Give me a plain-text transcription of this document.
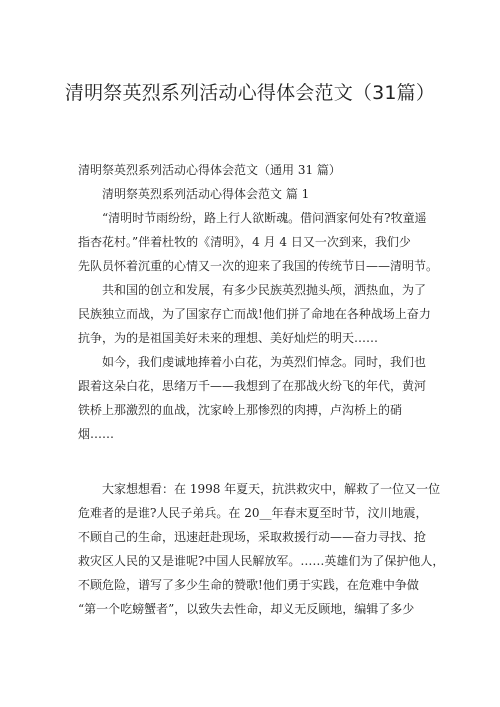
清明祭英烈系列活动心得体会范文（31篇）
清明祭英烈系列活动心得体会范文（通用 31 篇）
清明祭英烈系列活动心得体会范文 篇 1
“清明时节雨纷纷，路上行人欲断魂。借问酒家何处有?牧童遥
指杏花村。”伴着杜牧的《清明》，4 月 4 日又一次到来，我们少
先队员怀着沉重的心情又一次的迎来了我国的传统节日——清明节。
共和国的创立和发展，有多少民族英烈抛头颅，洒热血，为了
民族独立而战，为了国家存亡而战!他们拼了命地在各种战场上奋力
抗争，为的是祖国美好未来的理想、美好灿烂的明天……
如今，我们虔诚地捧着小白花，为英烈们悼念。同时，我们也
跟着这朵白花，思绪万千——我想到了在那战火纷飞的年代，黄河
铁桥上那激烈的血战，沈家岭上那惨烈的肉搏，卢沟桥上的硝
烟……
大家想想看：在 1998 年夏天，抗洪救灾中，解救了一位又一位
危难者的是谁?人民子弟兵。在 20__年春末夏至时节，汶川地震，
不顾自己的生命，迅速赶赴现场，采取救援行动——奋力寻找、抢
救灾区人民的又是谁呢?中国人民解放军。……英雄们为了保护他人，
不顾危险，谱写了多少生命的赞歌!他们勇于实践，在危难中争做
“第一个吃螃蟹者”，以致失去性命，却义无反顾地，编辑了多少
